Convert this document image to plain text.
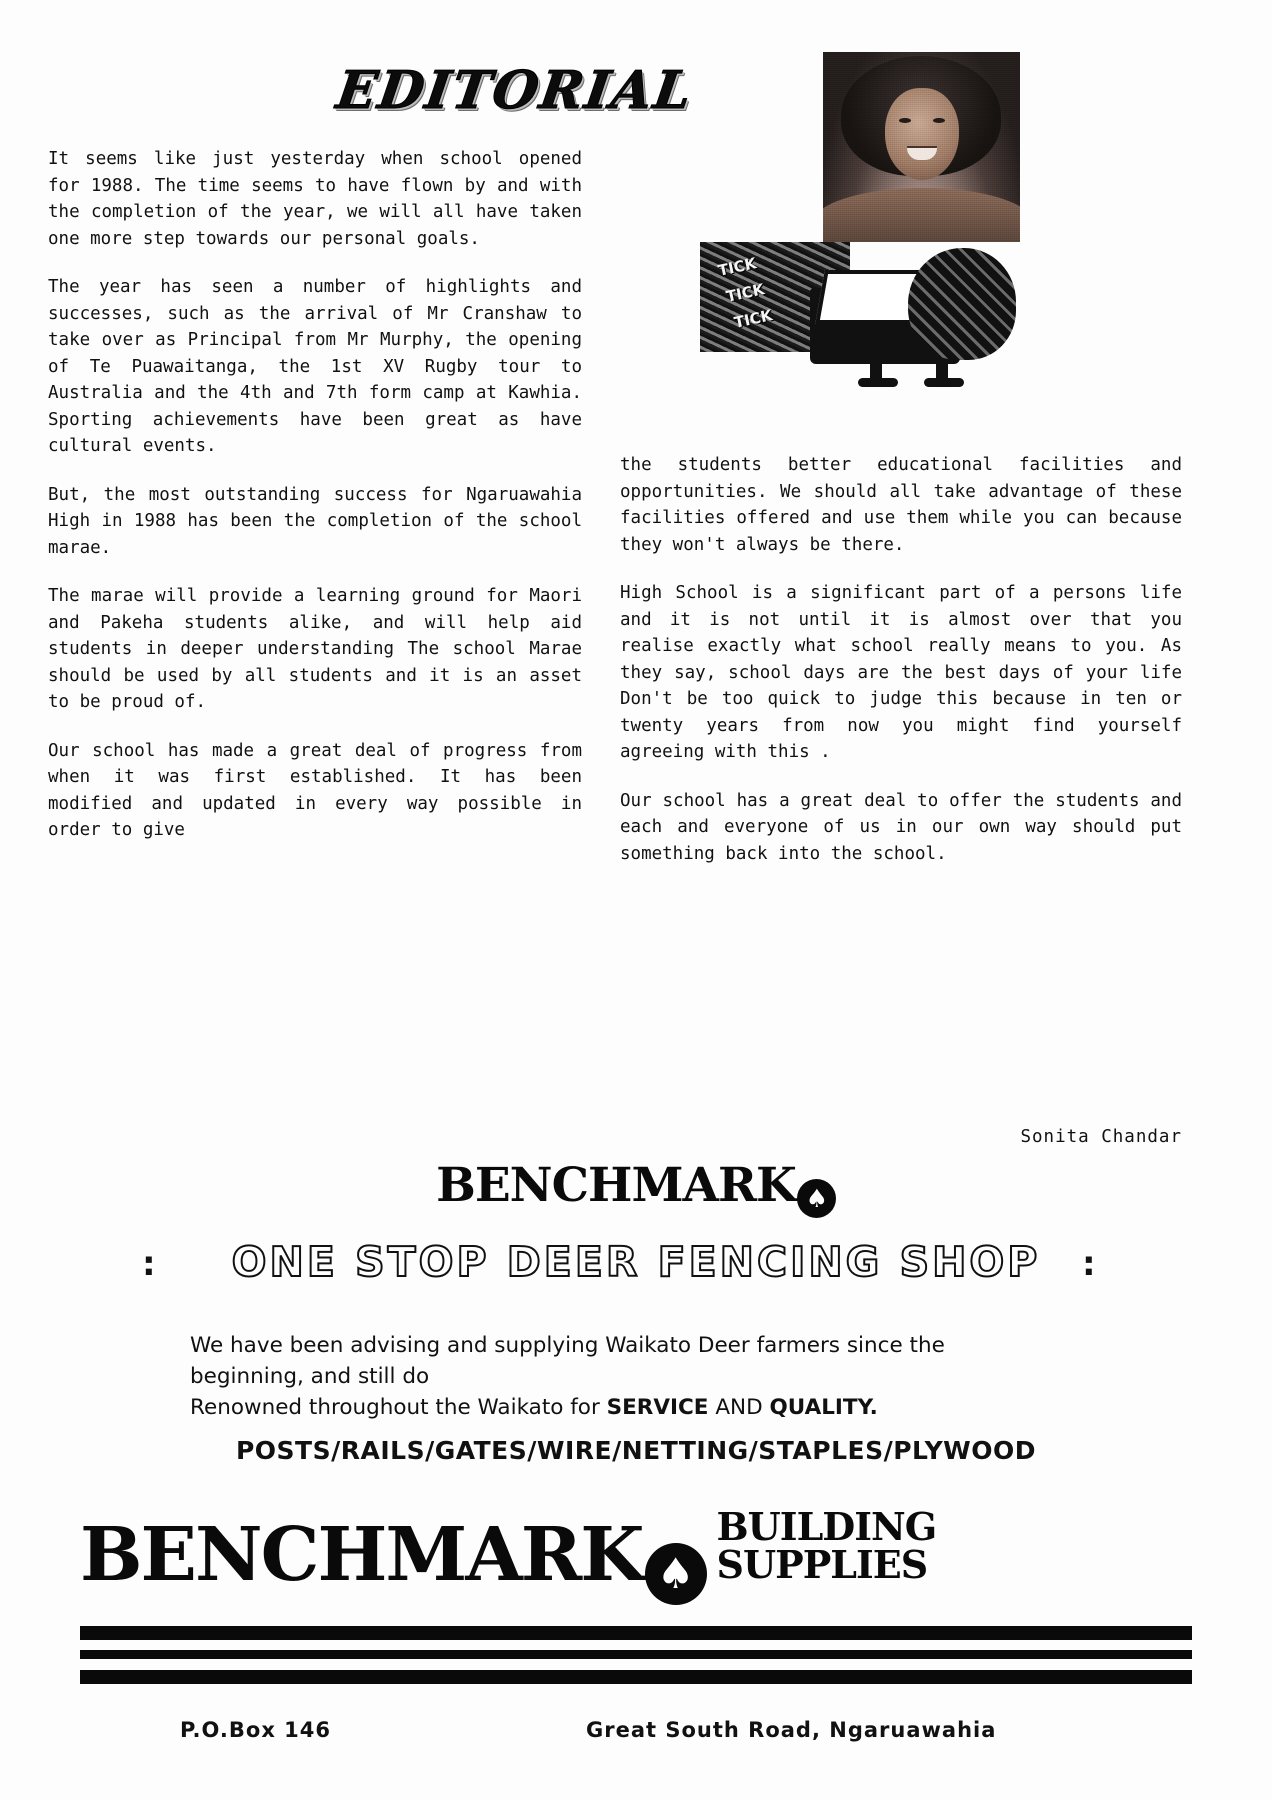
EDITORIAL
TICK
TICK
TICK

It seems like just yesterday when school opened for 1988. The time seems to have flown by and with the completion of the year, we will all have taken one more step towards our personal goals.

The year has seen a number of highlights and successes, such as the arrival of Mr Cranshaw to take over as Principal from Mr Murphy, the opening of Te Puawaitanga, the 1st XV Rugby tour to Australia and the 4th and 7th form camp at Kawhia. Sporting achievements have been great as have cultural events.

But, the most outstanding success for Ngaruawahia High in 1988 has been the completion of the school marae.

The marae will provide a learning ground for Maori and Pakeha students alike, and will help aid students in deeper understanding The school Marae should be used by all students and it is an asset to be proud of.

Our school has made a great deal of progress from when it was first established. It has been modified and updated in every way possible in order to give

the students better educational facilities and opportunities. We should all take advantage of these facilities offered and use them while you can because they won't always be there.

High School is a significant part of a persons life and it is not until it is almost over that you realise exactly what school really means to you. As they say, school days are the best days of your life Don't be too quick to judge this because in ten or twenty years from now you might find yourself agreeing with this .

Our school has a great deal to offer the students and each and everyone of us in our own way should put something back into the school.

Sonita Chandar
BENCHMARK ♠
:	ONE STOP DEER FENCING SHOP	:
We have been advising and supplying Waikato Deer farmers since the
beginning, and still do
Renowned throughout the Waikato for SERVICE AND QUALITY.
POSTS/RAILS/GATES/WIRE/NETTING/STAPLES/PLYWOOD
BENCHMARK ♠
BUILDING
SUPPLIES
P.O.Box 146	Great South Road, Ngaruawahia
